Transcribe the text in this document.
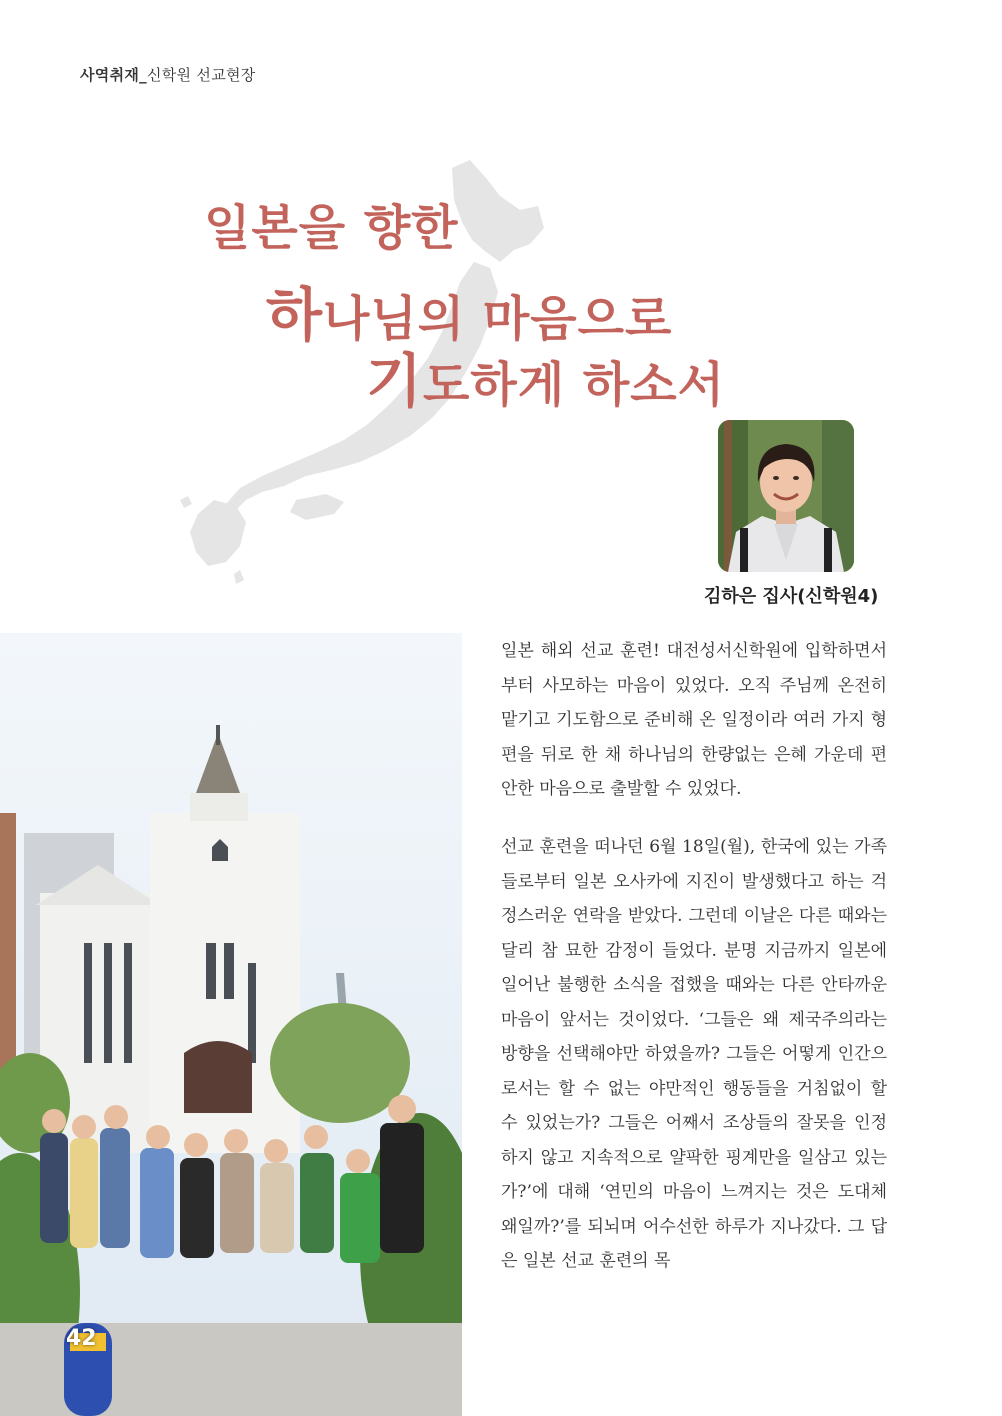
사역취재_신학원 선교현장
일본을 향한
하나님의 마음으로
기도하게 하소서
김하은 집사(신학원4)
일본 해외 선교 훈련! 대전성서신학원에 입학하면서부터 사모하는 마음이 있었다. 오직 주님께 온전히 맡기고 기도함으로 준비해 온 일정이라 여러 가지 형편을 뒤로 한 채 하나님의 한량없는 은혜 가운데 편안한 마음으로 출발할 수 있었다.
선교 훈련을 떠나던 6월 18일(월), 한국에 있는 가족들로부터 일본 오사카에 지진이 발생했다고 하는 걱정스러운 연락을 받았다. 그런데 이날은 다른 때와는 달리 참 묘한 감정이 들었다. 분명 지금까지 일본에 일어난 불행한 소식을 접했을 때와는 다른 안타까운 마음이 앞서는 것이었다. ‘그들은 왜 제국주의라는 방향을 선택해야만 하였을까? 그들은 어떻게 인간으로서는 할 수 없는 야만적인 행동들을 거침없이 할 수 있었는가? 그들은 어째서 조상들의 잘못을 인정하지 않고 지속적으로 얄팍한 핑계만을 일삼고 있는가?’에 대해 ‘연민의 마음이 느껴지는 것은 도대체 왜일까?’를 되뇌며 어수선한 하루가 지나갔다. 그 답은 일본 선교 훈련의 목
42
